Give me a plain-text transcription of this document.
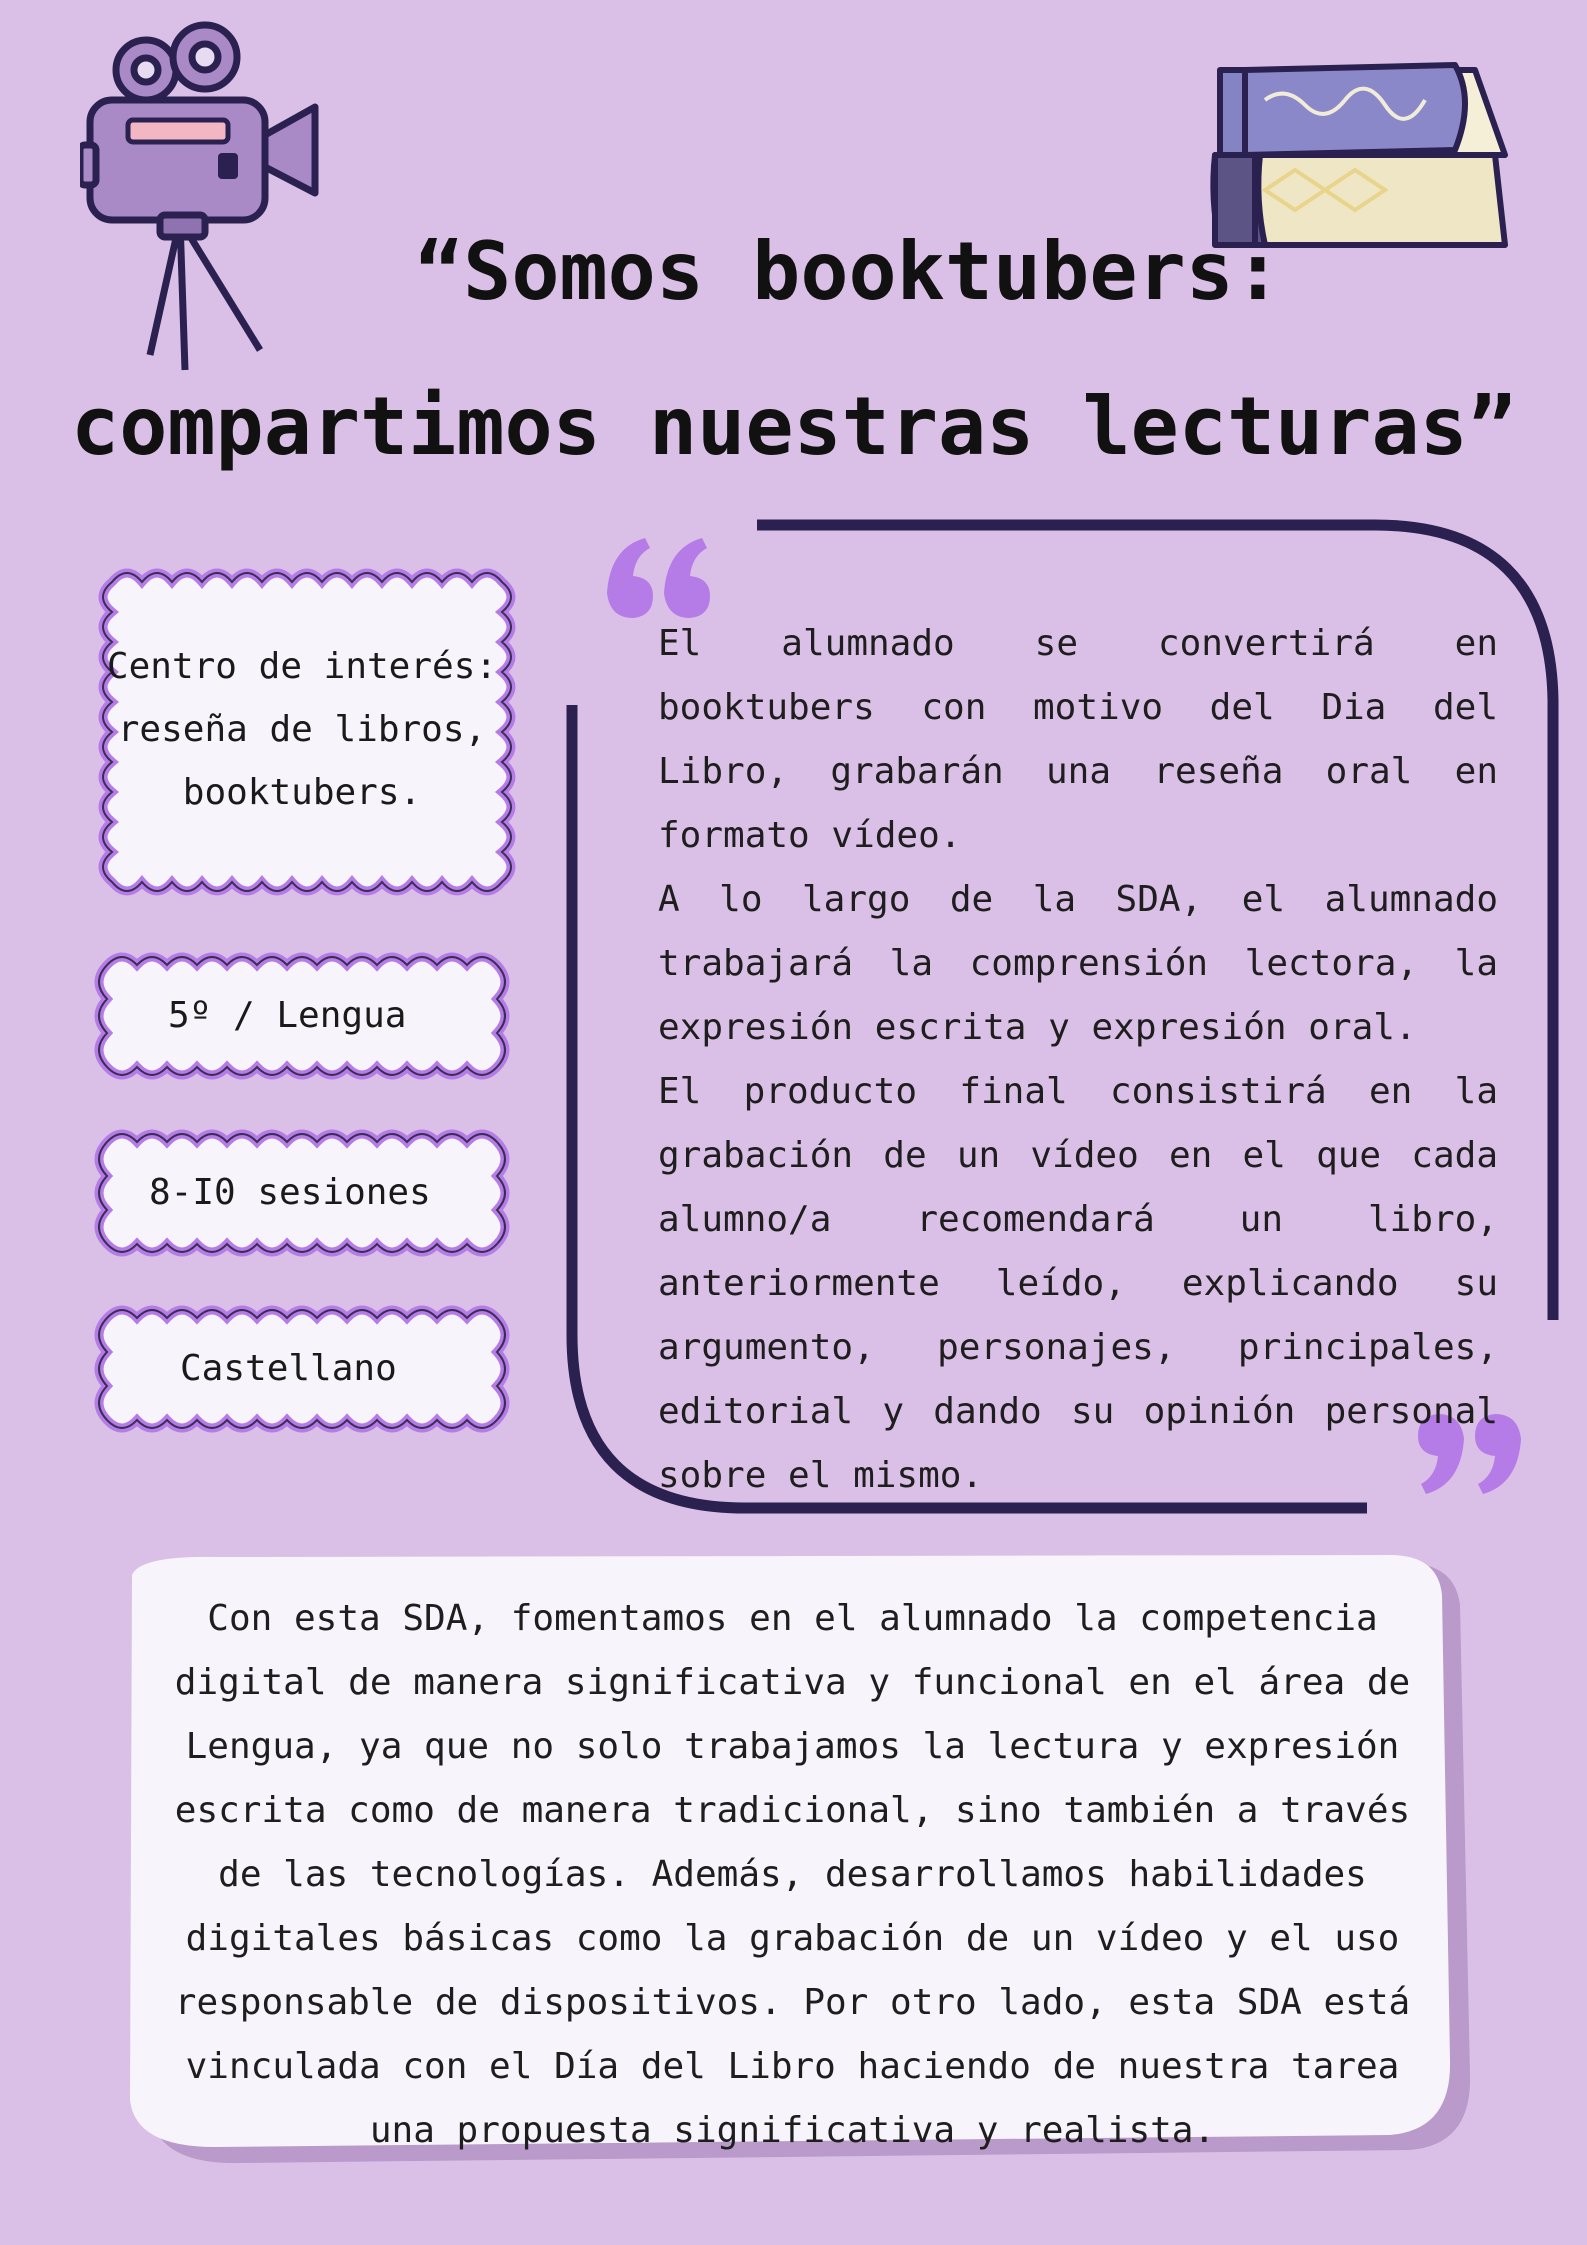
“Somos booktubers:
compartimos nuestras lecturas”
Centro de interés:
reseña de libros,
booktubers.
5º / Lengua
8-I0 sesiones
Castellano

El alumnado se convertirá en booktubers con motivo del Dia del Libro, grabarán una reseña oral en formato vídeo.

A lo largo de la SDA, el alumnado trabajará la comprensión lectora, la expresión escrita y expresión oral.

El producto final consistirá en la grabación de un vídeo en el que cada alumno/a recomendará un libro, anteriormente leído, explicando su argumento, personajes, principales, editorial y dando su opinión personal sobre el mismo.

Con esta SDA, fomentamos en el alumnado la competencia digital de manera significativa y funcional en el área de Lengua, ya que no solo trabajamos la lectura y expresión escrita como de manera tradicional, sino también a través de las tecnologías. Además, desarrollamos habilidades digitales básicas como la grabación de un vídeo y el uso responsable de dispositivos. Por otro lado, esta SDA está vinculada con el Día del Libro haciendo de nuestra tarea una propuesta significativa y realista.
